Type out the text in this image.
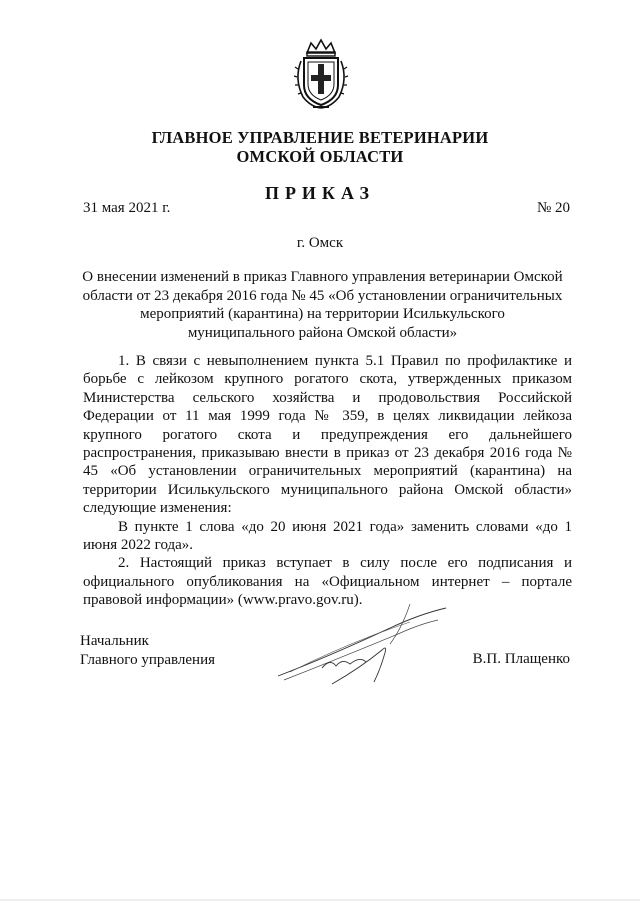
ГЛАВНОЕ УПРАВЛЕНИЕ ВЕТЕРИНАРИИ
ОМСКОЙ ОБЛАСТИ
ПРИКАЗ
31 мая 2021 г.	№ 20
г. Омск
О внесении изменений в приказ Главного управления ветеринарии Омской
области от 23 декабря 2016 года № 45 «Об установлении ограничительных
мероприятий (карантина) на территории Исилькульского
муниципального района Омской области»

1. В связи с невыполнением пункта 5.1 Правил по профилактике и борьбе с лейкозом крупного рогатого скота, утвержденных приказом Министерства сельского хозяйства и продовольствия Российской Федерации от 11 мая 1999 года № 359, в целях ликвидации лейкоза крупного рогатого скота и предупреждения его дальнейшего распространения, приказываю внести в приказ от 23 декабря 2016 года № 45 «Об установлении ограничительных мероприятий (карантина) на территории Исилькульского муниципального района Омской области» следующие изменения:

В пункте 1 слова «до 20 июня 2021 года» заменить словами «до 1 июня 2022 года».

2. Настоящий приказ вступает в силу после его подписания и официального опубликования на «Официальном интернет – портале правовой информации» (www.pravo.gov.ru).

Начальник
Главного управления	В.П. Плащенко
